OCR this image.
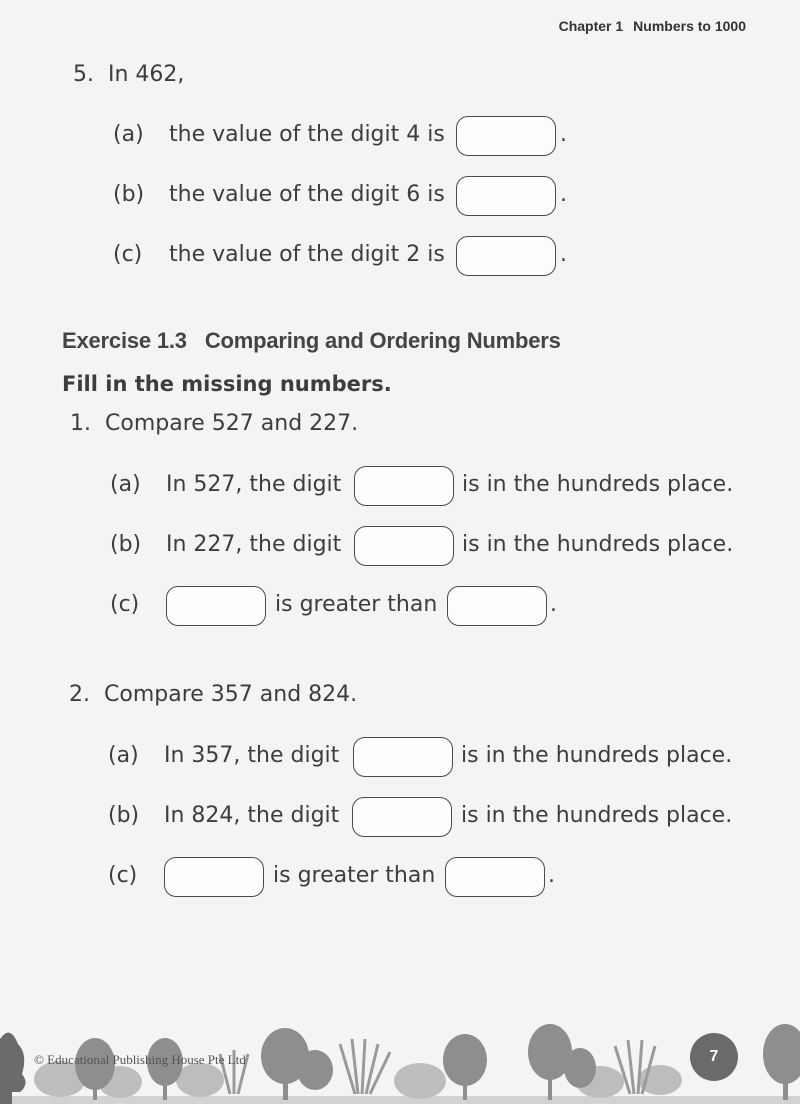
Chapter 1 Numbers to 1000
5. In 462,
(a) the value of the digit 4 is	.
(b) the value of the digit 6 is	.
(c) the value of the digit 2 is	.
Exercise 1.3 Comparing and Ordering Numbers
Fill in the missing numbers.
1. Compare 527 and 227.
(a) In 527, the digit	is in the hundreds place.
(b) In 227, the digit	is in the hundreds place.
(c)	is greater than	.
2. Compare 357 and 824.
(a) In 357, the digit	is in the hundreds place.
(b) In 824, the digit	is in the hundreds place.
(c)	is greater than	.
© Educational Publishing House Pte Ltd	7
